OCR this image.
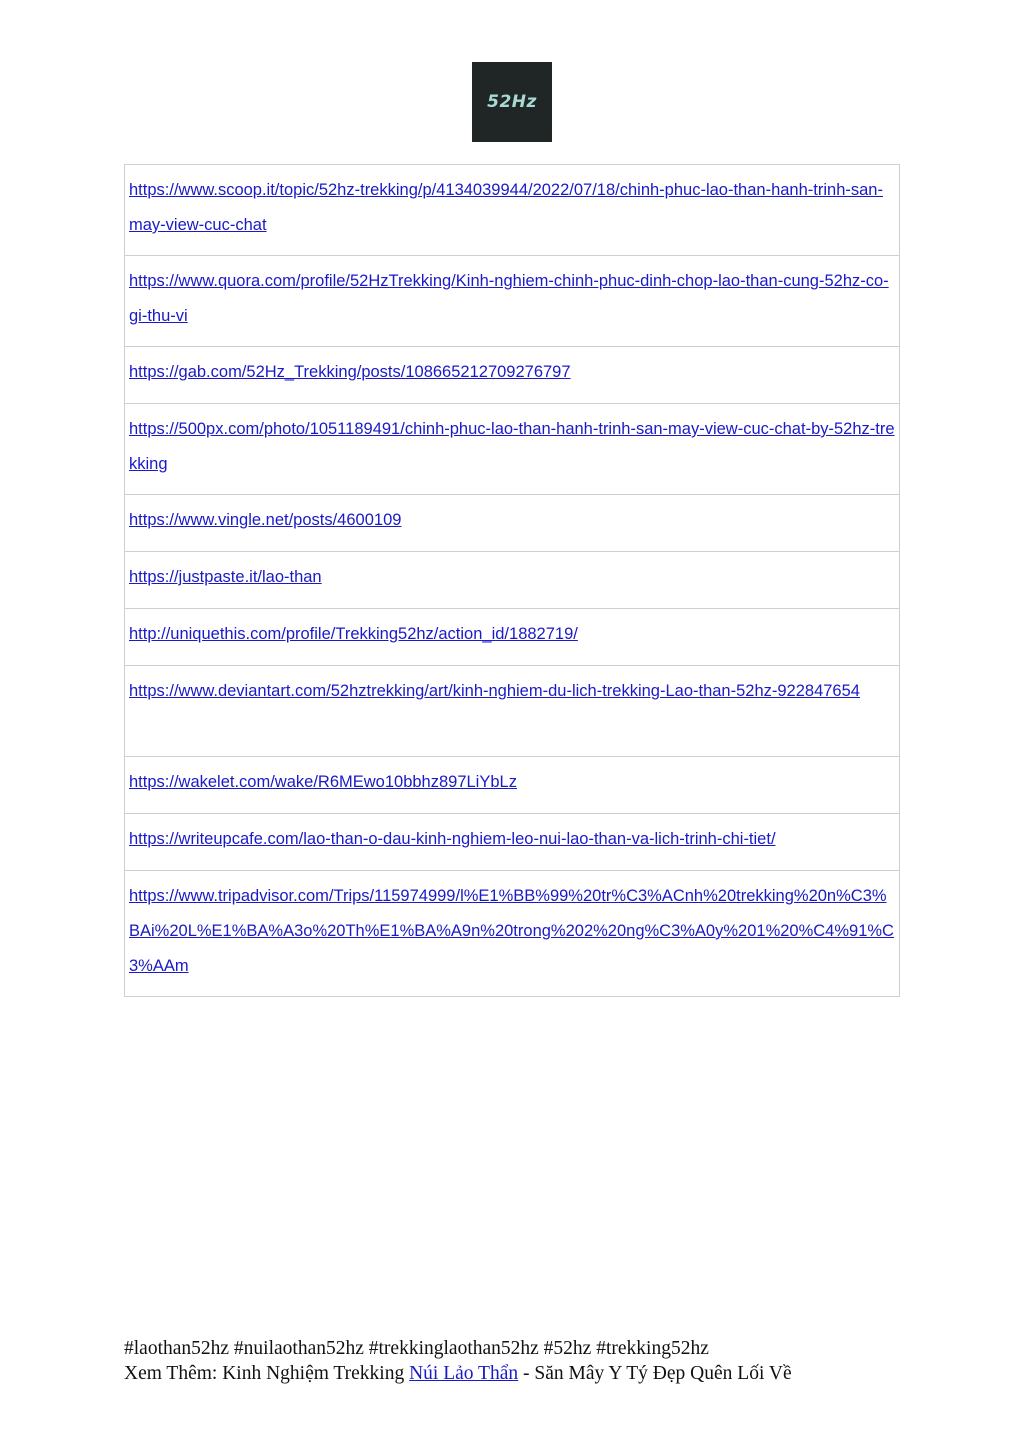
52Hz
https://www.scoop.it/topic/52hz-trekking/p/4134039944/2022/07/18/chinh-phuc-lao-than-hanh-trinh-san-may-view-cuc-chat
https://www.quora.com/profile/52HzTrekking/Kinh-nghiem-chinh-phuc-dinh-chop-lao-than-cung-52hz-co-gi-thu-vi
https://gab.com/52Hz_Trekking/posts/108665212709276797
https://500px.com/photo/1051189491/chinh-phuc-lao-than-hanh-trinh-san-may-view-cuc-chat-by-52hz-trekking
https://www.vingle.net/posts/4600109
https://justpaste.it/lao-than
http://uniquethis.com/profile/Trekking52hz/action_id/1882719/
https://www.deviantart.com/52hztrekking/art/kinh-nghiem-du-lich-trekking-Lao-than-52hz-922847654
https://wakelet.com/wake/R6MEwo10bbhz897LiYbLz
https://writeupcafe.com/lao-than-o-dau-kinh-nghiem-leo-nui-lao-than-va-lich-trinh-chi-tiet/
https://www.tripadvisor.com/Trips/115974999/l%E1%BB%99%20tr%C3%ACnh%20trekking%20n%C3%BAi%20L%E1%BA%A3o%20Th%E1%BA%A9n%20trong%202%20ng%C3%A0y%201%20%C4%91%C3%AAm
#laothan52hz #nuilaothan52hz #trekkinglaothan52hz #52hz #trekking52hz
Xem Thêm: Kinh Nghiệm Trekking Núi Lảo Thẩn - Săn Mây Y Tý Đẹp Quên Lối Về
